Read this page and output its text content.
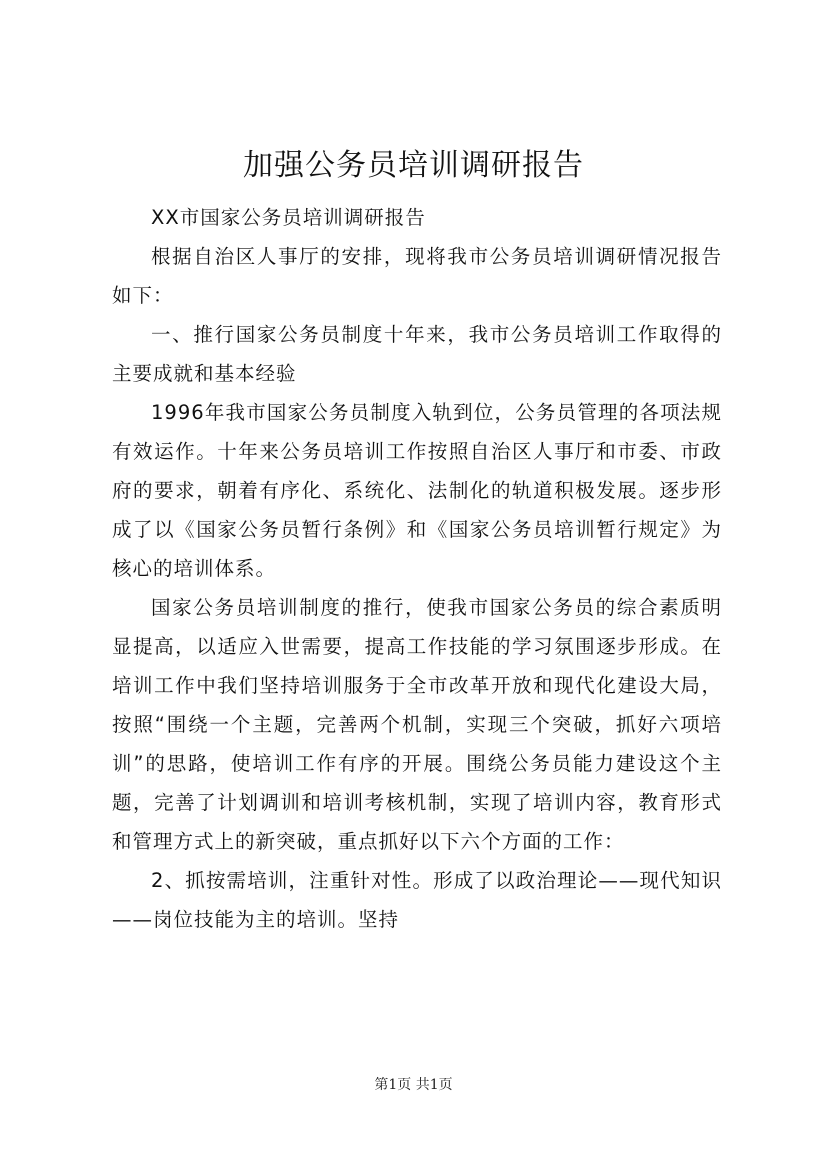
加强公务员培训调研报告

XX市国家公务员培训调研报告

根据自治区人事厅的安排，现将我市公务员培训调研情况报告如下：

一、推行国家公务员制度十年来，我市公务员培训工作取得的主要成就和基本经验

1996年我市国家公务员制度入轨到位，公务员管理的各项法规有效运作。十年来公务员培训工作按照自治区人事厅和市委、市政府的要求，朝着有序化、系统化、法制化的轨道积极发展。逐步形成了以《国家公务员暂行条例》和《国家公务员培训暂行规定》为核心的培训体系。

国家公务员培训制度的推行，使我市国家公务员的综合素质明显提高，以适应入世需要，提高工作技能的学习氛围逐步形成。在培训工作中我们坚持培训服务于全市改革开放和现代化建设大局，按照“围绕一个主题，完善两个机制，实现三个突破，抓好六项培训”的思路，使培训工作有序的开展。围绕公务员能力建设这个主题，完善了计划调训和培训考核机制，实现了培训内容，教育形式和管理方式上的新突破，重点抓好以下六个方面的工作：

2、抓按需培训，注重针对性。形成了以政治理论——现代知识——岗位技能为主的培训。坚持

第1页 共1页
